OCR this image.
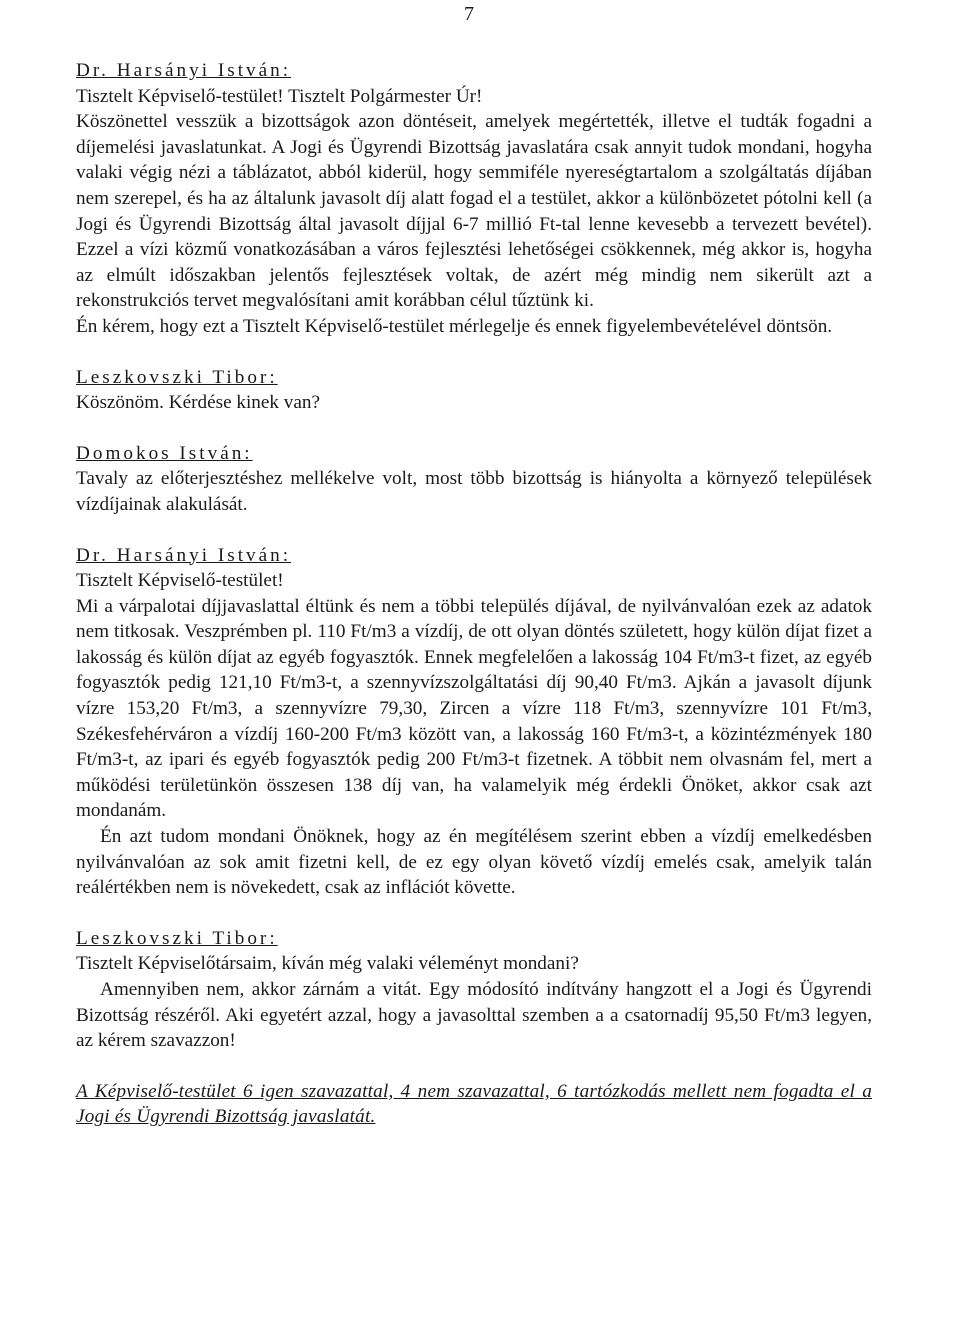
7
Dr. Harsányi István:

Tisztelt Képviselő-testület! Tisztelt Polgármester Úr!

Köszönettel vesszük a bizottságok azon döntéseit, amelyek megértették, illetve el tudták fogadni a díjemelési javaslatunkat. A Jogi és Ügyrendi Bizottság javaslatára csak annyit tudok mondani, hogyha valaki végig nézi a táblázatot, abból kiderül, hogy semmiféle nyereségtartalom a szolgáltatás díjában nem szerepel, és ha az általunk javasolt díj alatt fogad el a testület, akkor a különbözetet pótolni kell (a Jogi és Ügyrendi Bizottság által javasolt díjjal 6-7 millió Ft-tal lenne kevesebb a tervezett bevétel). Ezzel a vízi közmű vonatkozásában a város fejlesztési lehetőségei csökkennek, még akkor is, hogyha az elmúlt időszakban jelentős fejlesztések voltak, de azért még mindig nem sikerült azt a rekonstrukciós tervet megvalósítani amit korábban célul tűztünk ki.

Én kérem, hogy ezt a Tisztelt Képviselő-testület mérlegelje és ennek figyelembevételével döntsön.

Leszkovszki Tibor:

Köszönöm. Kérdése kinek van?

Domokos István:

Tavaly az előterjesztéshez mellékelve volt, most több bizottság is hiányolta a környező települések vízdíjainak alakulását.

Dr. Harsányi István:

Tisztelt Képviselő-testület!

Mi a várpalotai díjjavaslattal éltünk és nem a többi település díjával, de nyilvánvalóan ezek az adatok nem titkosak. Veszprémben pl. 110 Ft/m3 a vízdíj, de ott olyan döntés született, hogy külön díjat fizet a lakosság és külön díjat az egyéb fogyasztók. Ennek megfelelően a lakosság 104 Ft/m3-t fizet, az egyéb fogyasztók pedig 121,10 Ft/m3-t, a szennyvízszolgáltatási díj 90,40 Ft/m3. Ajkán a javasolt díjunk vízre 153,20 Ft/m3, a szennyvízre 79,30, Zircen a vízre 118 Ft/m3, szennyvízre 101 Ft/m3, Székesfehérváron a vízdíj 160-200 Ft/m3 között van, a lakosság 160 Ft/m3-t, a közintézmények 180 Ft/m3-t, az ipari és egyéb fogyasztók pedig 200 Ft/m3-t fizetnek. A többit nem olvasnám fel, mert a működési területünkön összesen 138 díj van, ha valamelyik még érdekli Önöket, akkor csak azt mondanám.

Én azt tudom mondani Önöknek, hogy az én megítélésem szerint ebben a vízdíj emelkedésben nyilvánvalóan az sok amit fizetni kell, de ez egy olyan követő vízdíj emelés csak, amelyik talán reálértékben nem is növekedett, csak az inflációt követte.

Leszkovszki Tibor:

Tisztelt Képviselőtársaim, kíván még valaki véleményt mondani?

Amennyiben nem, akkor zárnám a vitát. Egy módosító indítvány hangzott el a Jogi és Ügyrendi Bizottság részéről. Aki egyetért azzal, hogy a javasolttal szemben a a csatornadíj 95,50 Ft/m3 legyen, az kérem szavazzon!

A Képviselő-testület 6 igen szavazattal, 4 nem szavazattal, 6 tartózkodás mellett nem fogadta el a Jogi és Ügyrendi Bizottság javaslatát.
